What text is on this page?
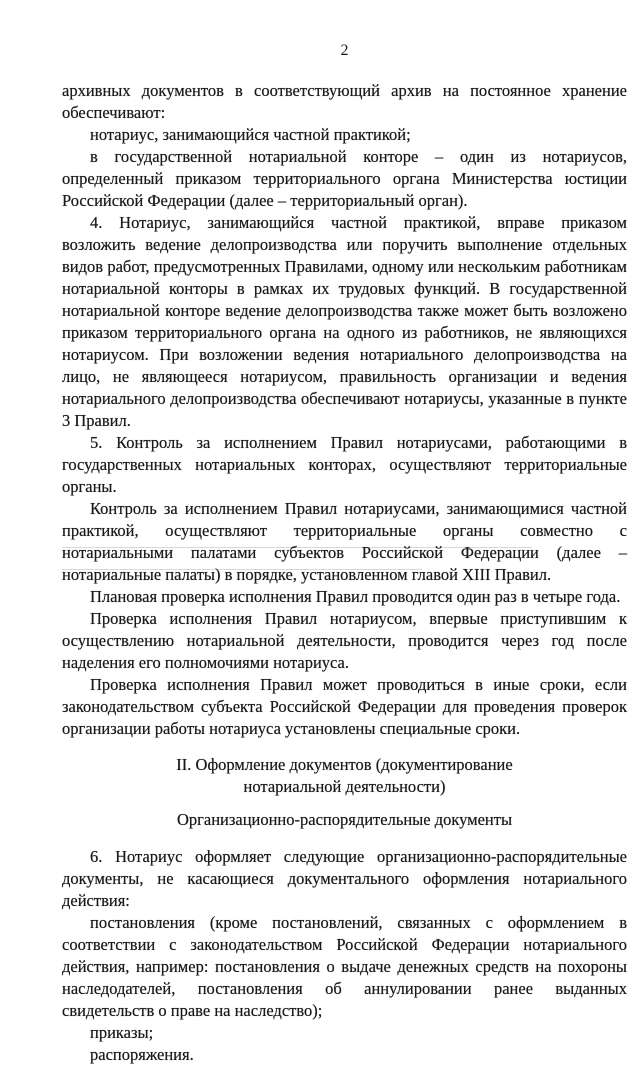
2

архивных документов в соответствующий архив на постоянное хранение обеспечивают:

нотариус, занимающийся частной практикой;

в государственной нотариальной конторе – один из нотариусов, определенный приказом территориального органа Министерства юстиции Российской Федерации (далее – территориальный орган).

4. Нотариус, занимающийся частной практикой, вправе приказом возложить ведение делопроизводства или поручить выполнение отдельных видов работ, предусмотренных Правилами, одному или нескольким работникам нотариальной конторы в рамках их трудовых функций. В государственной нотариальной конторе ведение делопроизводства также может быть возложено приказом территориального органа на одного из работников, не являющихся нотариусом. При возложении ведения нотариального делопроизводства на лицо, не являющееся нотариусом, правильность организации и ведения нотариального делопроизводства обеспечивают нотариусы, указанные в пункте 3 Правил.

5. Контроль за исполнением Правил нотариусами, работающими в государственных нотариальных конторах, осуществляют территориальные органы.

Контроль за исполнением Правил нотариусами, занимающимися частной практикой, осуществляют территориальные органы совместно с нотариальными палатами субъектов Российской Федерации (далее – нотариальные палаты) в порядке, установленном главой XIII Правил.

Плановая проверка исполнения Правил проводится один раз в четыре года.

Проверка исполнения Правил нотариусом, впервые приступившим к осуществлению нотариальной деятельности, проводится через год после наделения его полномочиями нотариуса.

Проверка исполнения Правил может проводиться в иные сроки, если законодательством субъекта Российской Федерации для проведения проверок организации работы нотариуса установлены специальные сроки.

II. Оформление документов (документирование
нотариальной деятельности)
Организационно-распорядительные документы

6. Нотариус оформляет следующие организационно-распорядительные документы, не касающиеся документального оформления нотариального действия:

постановления (кроме постановлений, связанных с оформлением в соответствии с законодательством Российской Федерации нотариального действия, например: постановления о выдаче денежных средств на похороны наследодателей, постановления об аннулировании ранее выданных свидетельств о праве на наследство);

приказы;

распоряжения.
